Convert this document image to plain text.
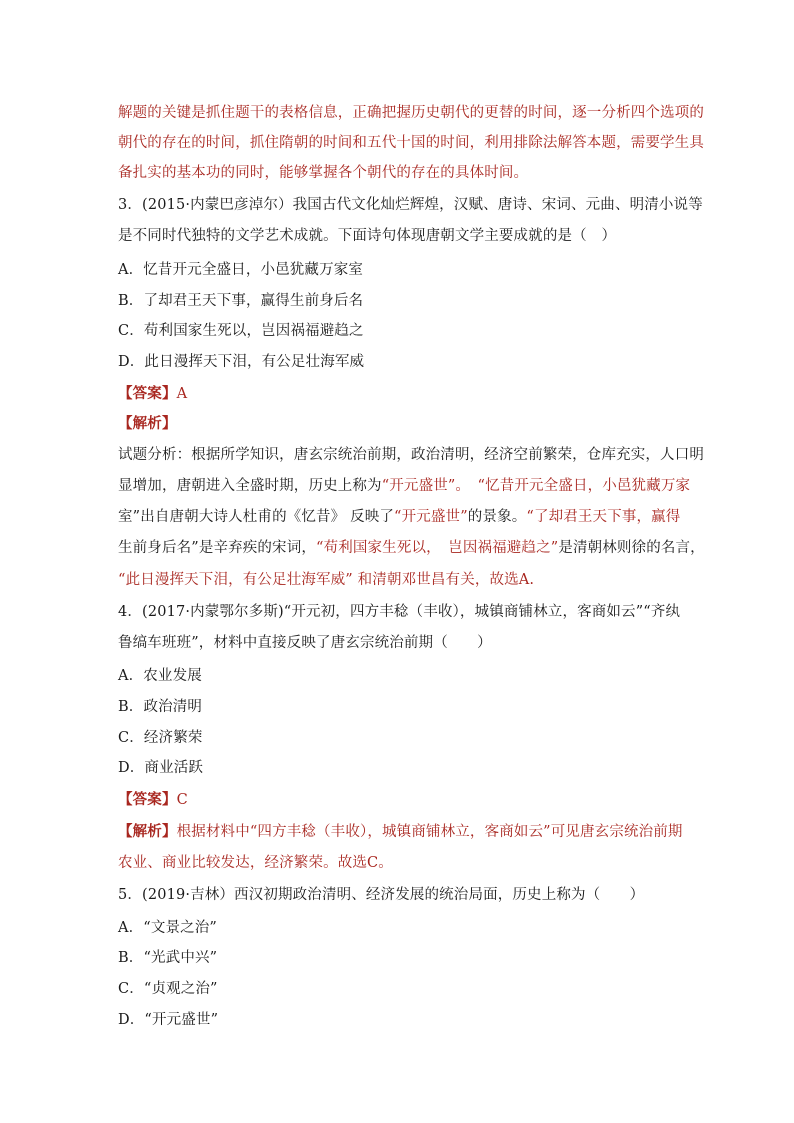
解题的关键是抓住题干的表格信息，正确把握历史朝代的更替的时间，逐一分析四个选项的

朝代的存在的时间，抓住隋朝的时间和五代十国的时间，利用排除法解答本题，需要学生具

备扎实的基本功的同时，能够掌握各个朝代的存在的具体时间。

3．(2015·内蒙巴彦淖尔）我国古代文化灿烂辉煌，汉赋、唐诗、宋词、元曲、明清小说等

是不同时代独特的文学艺术成就。下面诗句体现唐朝文学主要成就的是（　）

A．忆昔开元全盛日，小邑犹藏万家室

B．了却君王天下事，赢得生前身后名

C．苟利国家生死以，岂因祸福避趋之

D．此日漫挥天下泪，有公足壮海军威

【答案】A

【解析】

试题分析：根据所学知识，唐玄宗统治前期，政治清明，经济空前繁荣，仓库充实，人口明

显增加，唐朝进入全盛时期，历史上称为“开元盛世”。　 “忆昔开元全盛日，小邑犹藏万家

室”出自唐朝大诗人杜甫的《忆昔》 反映了“开元盛世”的景象。“了却君王天下事，赢得

生前身后名”是辛弃疾的宋词，“苟利国家生死以，　 岂因祸福避趋之”是清朝林则徐的名言，

“此日漫挥天下泪，有公足壮海军威” 和清朝邓世昌有关，故选A.

4．(2017·内蒙鄂尔多斯)“开元初，四方丰稔（丰收），城镇商铺林立，客商如云”“齐纨

鲁缟车班班”，材料中直接反映了唐玄宗统治前期（　　）

A．农业发展

B．政治清明

C．经济繁荣

D．商业活跃

【答案】C

【解析】根据材料中“四方丰稔（丰收），城镇商铺林立，客商如云”可见唐玄宗统治前期

农业、商业比较发达，经济繁荣。故选C。

5．(2019·吉林）西汉初期政治清明、经济发展的统治局面，历史上称为（　　）

A．“文景之治”

B．“光武中兴”

C．“贞观之治”

D．“开元盛世”
